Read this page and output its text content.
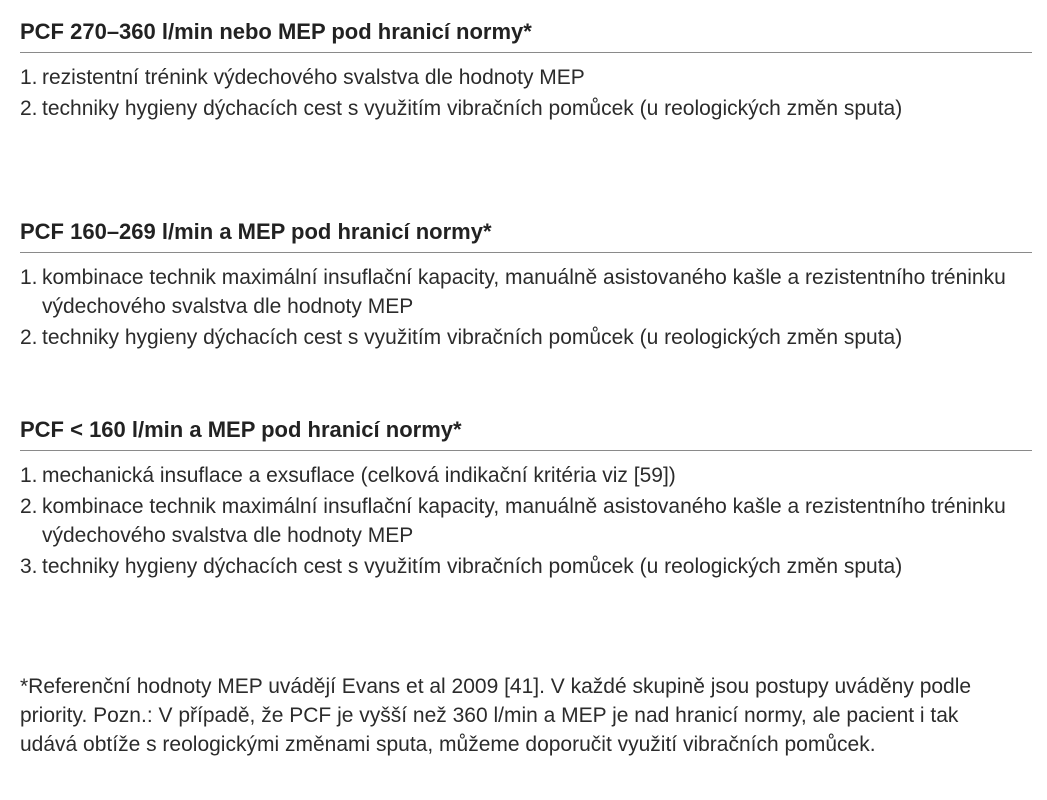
PCF 270–360 l/min nebo MEP pod hranicí normy*
1. rezistentní trénink výdechového svalstva dle hodnoty MEP
2. techniky hygieny dýchacích cest s využitím vibračních pomůcek (u reologických změn sputa)
PCF 160–269 l/min a MEP pod hranicí normy*
1. kombinace technik maximální insuflační kapacity, manuálně asistovaného kašle a rezistentního tréninku výdechového svalstva dle hodnoty MEP
2. techniky hygieny dýchacích cest s využitím vibračních pomůcek (u reologických změn sputa)
PCF < 160 l/min a MEP pod hranicí normy*
1. mechanická insuflace a exsuflace (celková indikační kritéria viz [59])
2. kombinace technik maximální insuflační kapacity, manuálně asistovaného kašle a rezistentního tréninku výdechového svalstva dle hodnoty MEP
3. techniky hygieny dýchacích cest s využitím vibračních pomůcek (u reologických změn sputa)

*Referenční hodnoty MEP uvádějí Evans et al 2009 [41]. V každé skupině jsou postupy uváděny podle priority. Pozn.: V případě, že PCF je vyšší než 360 l/min a MEP je nad hranicí normy, ale pacient i tak udává obtíže s reologickými změnami sputa, můžeme doporučit využití vibračních pomůcek.
